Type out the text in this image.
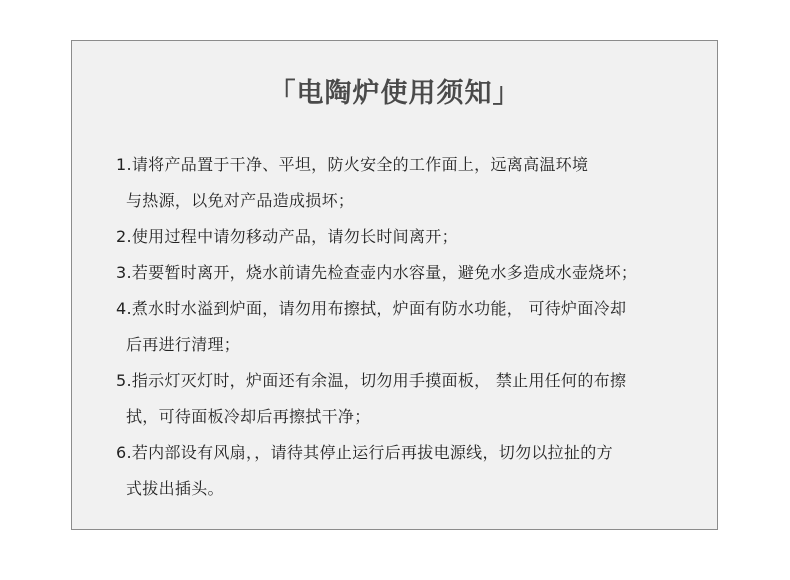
「电陶炉使用须知」
1.请将产品置于干净、平坦，防火安全的工作面上，远离高温环境
与热源，以免对产品造成损坏；
2.使用过程中请勿移动产品，请勿长时间离开；
3.若要暂时离开，烧水前请先检查壶内水容量，避免水多造成水壶烧坏；
4.煮水时水溢到炉面，请勿用布擦拭，炉面有防水功能， 可待炉面冷却
后再进行清理；
5.指示灯灭灯时，炉面还有余温，切勿用手摸面板， 禁止用任何的布擦
拭，可待面板冷却后再擦拭干净；
6.若内部设有风扇，，请待其停止运行后再拔电源线，切勿以拉扯的方
式拔出插头。
